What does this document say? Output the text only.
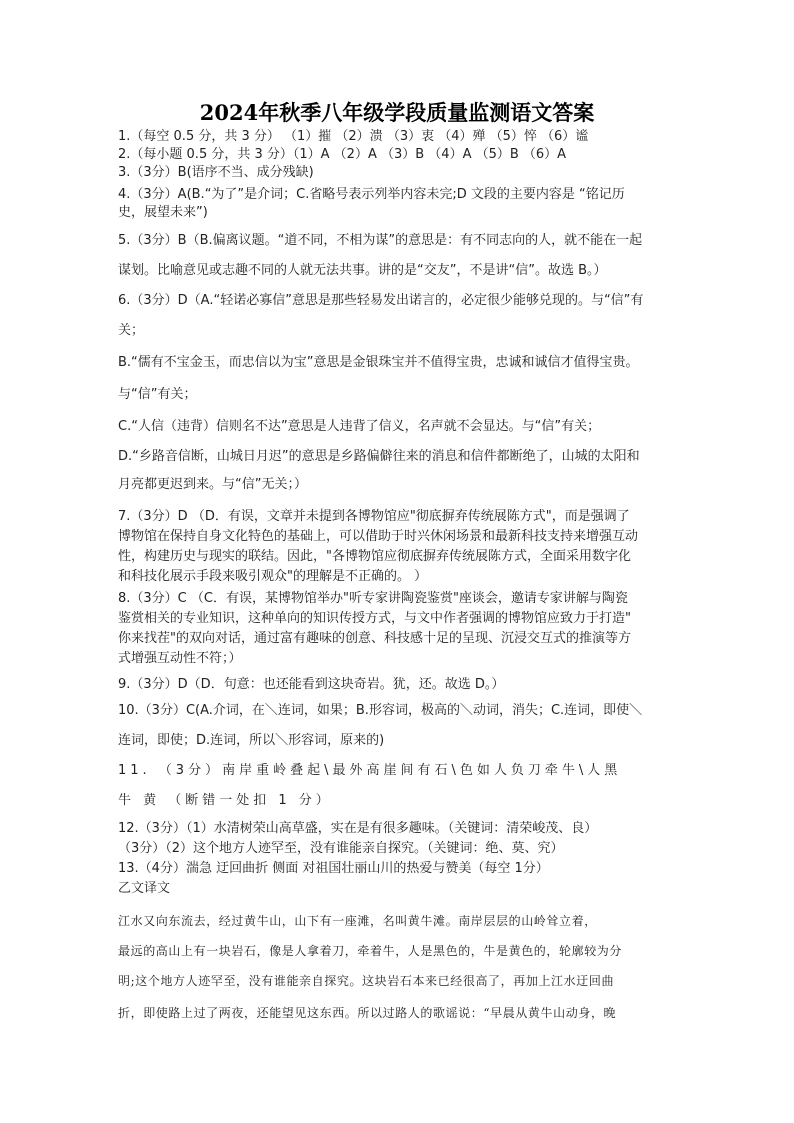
2024年秋季八年级学段质量监测语文答案
1.（每空 0.5 分，共 3 分） （1）摧 （2）溃 （3）衷 （4）殚 （5）悴 （6）谧
2.（每小题 0.5 分，共 3 分）（1）A （2）A （3）B （4）A （5）B （6）A
3.（3分）B(语序不当、成分残缺)
4.（3分）A(B.“为了”是介词；C.省略号表示列举内容未完;D 文段的主要内容是 “铭记历
史，展望未来”)
5.（3分）B（B.偏离议题。“道不同，不相为谋”的意思是：有不同志向的人，就不能在一起
谋划。比喻意见或志趣不同的人就无法共事。讲的是“交友”，不是讲“信”。故选 B。）
6.（3分）D（A.“轻诺必寡信”意思是那些轻易发出诺言的，必定很少能够兑现的。与“信”有
关；
B.“儒有不宝金玉，而忠信以为宝”意思是金银珠宝并不值得宝贵，忠诚和诚信才值得宝贵。
与“信”有关；
C.“人信（违背）信则名不达”意思是人违背了信义，名声就不会显达。与“信”有关；
D.“乡路音信断，山城日月迟”的意思是乡路偏僻往来的消息和信件都断绝了，山城的太阳和
月亮都更迟到来。与“信”无关；）
7.（3分）D （D．有误，文章并未提到各博物馆应"彻底摒弃传统展陈方式"，而是强调了
博物馆在保持自身文化特色的基础上，可以借助于时兴休闲场景和最新科技支持来增强互动
性，构建历史与现实的联结。因此，"各博物馆应彻底摒弃传统展陈方式，全面采用数字化
和科技化展示手段来吸引观众"的理解是不正确的。 ）
8.（3分）C （C．有误，某博物馆举办"听专家讲陶瓷鉴赏"座谈会，邀请专家讲解与陶瓷
鉴赏相关的专业知识，这种单向的知识传授方式，与文中作者强调的博物馆应致力于打造"
你来找茬"的双向对话，通过富有趣味的创意、科技感十足的呈现、沉浸交互式的推演等方
式增强互动性不符；）
9.（3分）D（D．句意：也还能看到这块奇岩。犹，还。故选 D。）
10.（3分）C(A.介词，在＼连词，如果；B.形容词，极高的＼动词，消失；C.连词，即使＼
连词，即使；D.连词，所以＼形容词，原来的)
11. （3分）南岸重岭叠起\最外高崖间有石\色如人负刀牵牛\人黑
牛 黄 （断错一处扣 1 分）
12.（3分）（1）水清树荣山高草盛，实在是有很多趣味。（关键词：清荣峻茂、良）
（3分）（2）这个地方人迹罕至，没有谁能亲自探究。（关键词：绝、莫、究）
13.（4分）湍急 迂回曲折 侧面 对祖国壮丽山川的热爱与赞美（每空 1分）
乙文译文
江水又向东流去，经过黄牛山，山下有一座滩，名叫黄牛滩。南岸层层的山岭耸立着，
最远的高山上有一块岩石，像是人拿着刀，牵着牛，人是黑色的，牛是黄色的，轮廓较为分
明;这个地方人迹罕至，没有谁能亲自探究。这块岩石本来已经很高了，再加上江水迂回曲
折，即使路上过了两夜，还能望见这东西。所以过路人的歌谣说：“早晨从黄牛山动身，晚
